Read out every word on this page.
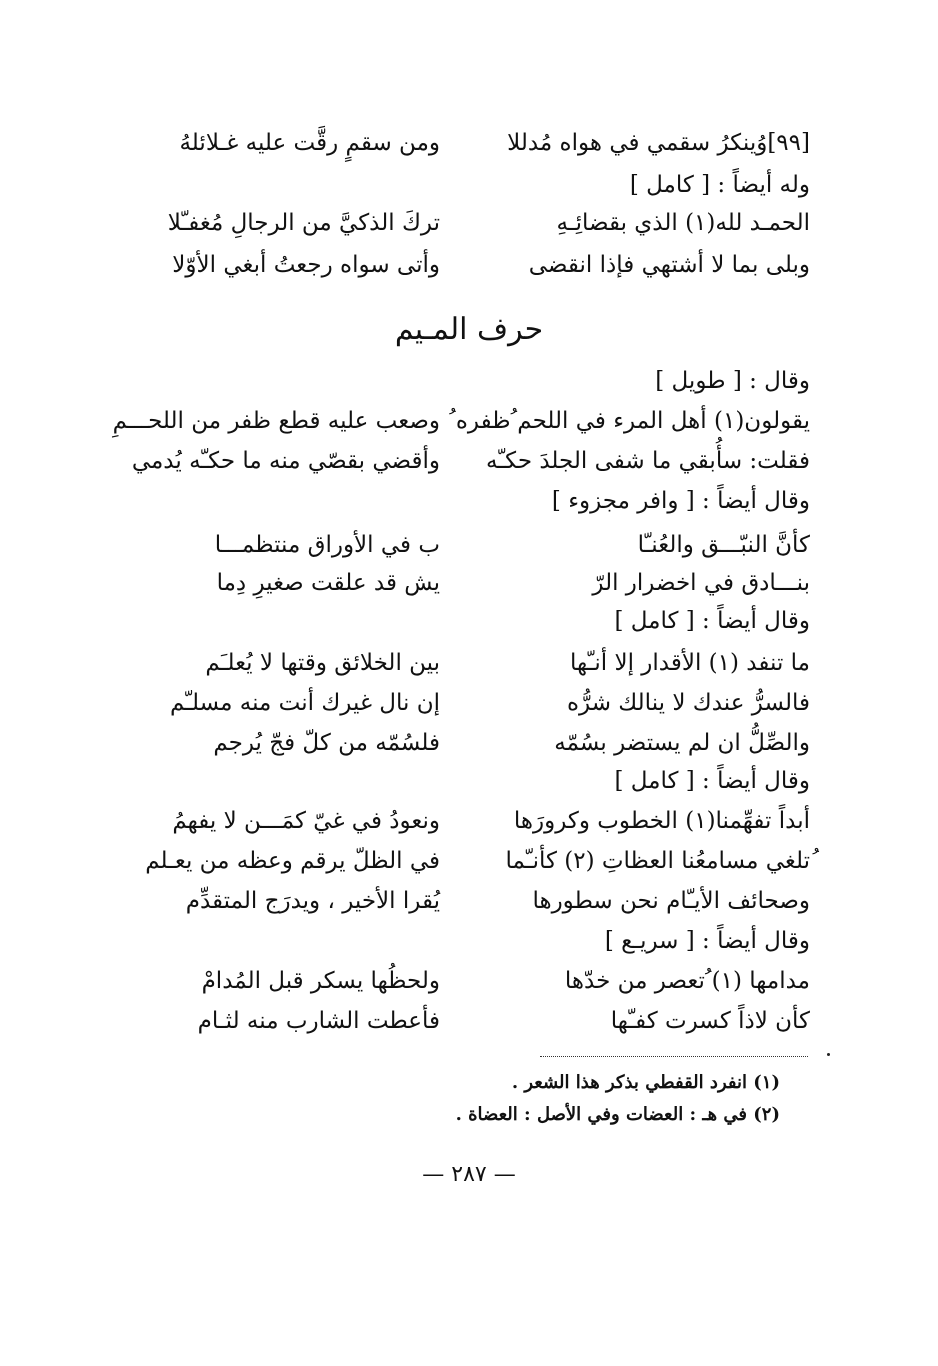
[٩٩]وُينكرُ سقمي في هواه مُدللا
ومن سقمٍ رقَّت عليه غـلائلهُ
وله أيضاً : [ كامل ]
الحمـد لله(١) الذي بقضائِـهِ
تركَ الذكيَّ من الرجالِ مُغفـّلا
وبلى بما لا أشتهي فإذا انقضى
وأتى سواه رجعتُ أبغي الأوّلا
حرف المـيم
وقال : [ طويل ]
يقولون(١) أهل المرء في اللحم ُظفره ُ
وصعب عليه قطع ظفر من اللحـــمِ
فقلت: سأُبقي ما شفى الجلدَ حكـّه
وأقضي بقصّي منه ما حكـّه يُدمي
وقال أيضاً : [ وافر مجزوء ]
كأنَّ النبّـــق والعُنـّا
ب في الأوراق منتظمـــا
بنـــادق في اخضرار الرّ
يش قد علقت صغيرِ دِما
وقال أيضاً : [ كامل ]
ما تنفد (١) الأقدار إلا أنـّها
بين الخلائق وقتها لا يُعلـَم
فالسرُّ عندك لا ينالك شرُّه
إن نال غيرك أنت منه مسلـّم
والصِّلُّ ان لم يستضر بسُمّه
فلسُمّه من كلّ فجّ يُرجم
وقال أيضاً : [ كامل ]
أبداً تفهِّمنا(١) الخطوب وكرورَها
ونعودُ في غيّ كمَـــن لا يفهمُ
ُتلغي مسامعُنا العظاتِ (٢) كأنـّما
في الظلّ يرقم وعظه من يعـلم
وصحائف الأيـّام نحن سطورها
يُقرا الأخير ، ويدرَج المتقدِّم
وقال أيضاً : [ سريـع ]
مدامها (١) ُتعصر من خدّها
ولحظُها يسكر قبل المُدامْ
كأن لاذاً كسرت كفـّها
فأعطت الشارب منه لثـام
(١) انفرد القفطي بذكر هذا الشعر .
(٢) في هـ : العضات وفي الأصل : العضاة .
— ٢٨٧ —
